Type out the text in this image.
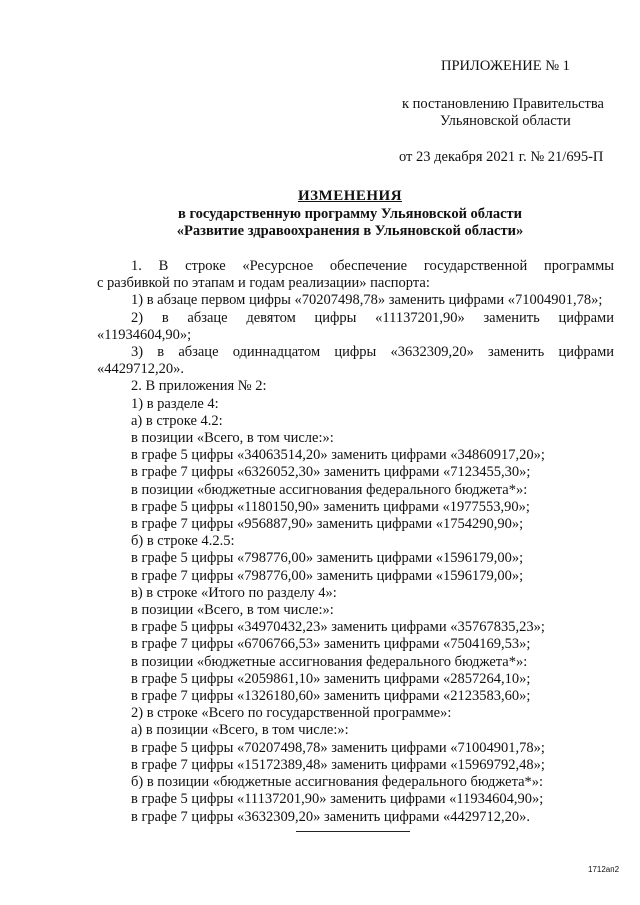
ПРИЛОЖЕНИЕ № 1
к постановлению Правительства
Ульяновской области
от 23 декабря 2021 г. № 21/695-П
ИЗМЕНЕНИЯ
в государственную программу Ульяновской области
«Развитие здравоохранения в Ульяновской области»
1. В строке «Ресурсное обеспечение государственной программы
с разбивкой по этапам и годам реализации» паспорта:
1) в абзаце первом цифры «70207498,78» заменить цифрами «71004901,78»;
2) в абзаце девятом цифры «11137201,90» заменить цифрами
«11934604,90»;
3) в абзаце одиннадцатом цифры «3632309,20» заменить цифрами
«4429712,20».
2. В приложения № 2:
1) в разделе 4:
а) в строке 4.2:
в позиции «Всего, в том числе:»:
в графе 5 цифры «34063514,20» заменить цифрами «34860917,20»;
в графе 7 цифры «6326052,30» заменить цифрами «7123455,30»;
в позиции «бюджетные ассигнования федерального бюджета*»:
в графе 5 цифры «1180150,90» заменить цифрами «1977553,90»;
в графе 7 цифры «956887,90» заменить цифрами «1754290,90»;
б) в строке 4.2.5:
в графе 5 цифры «798776,00» заменить цифрами «1596179,00»;
в графе 7 цифры «798776,00» заменить цифрами «1596179,00»;
в) в строке «Итого по разделу 4»:
в позиции «Всего, в том числе:»:
в графе 5 цифры «34970432,23» заменить цифрами «35767835,23»;
в графе 7 цифры «6706766,53» заменить цифрами «7504169,53»;
в позиции «бюджетные ассигнования федерального бюджета*»:
в графе 5 цифры «2059861,10» заменить цифрами «2857264,10»;
в графе 7 цифры «1326180,60» заменить цифрами «2123583,60»;
2) в строке «Всего по государственной программе»:
а) в позиции «Всего, в том числе:»:
в графе 5 цифры «70207498,78» заменить цифрами «71004901,78»;
в графе 7 цифры «15172389,48» заменить цифрами «15969792,48»;
б) в позиции «бюджетные ассигнования федерального бюджета*»:
в графе 5 цифры «11137201,90» заменить цифрами «11934604,90»;
в графе 7 цифры «3632309,20» заменить цифрами «4429712,20».
1712ап2
